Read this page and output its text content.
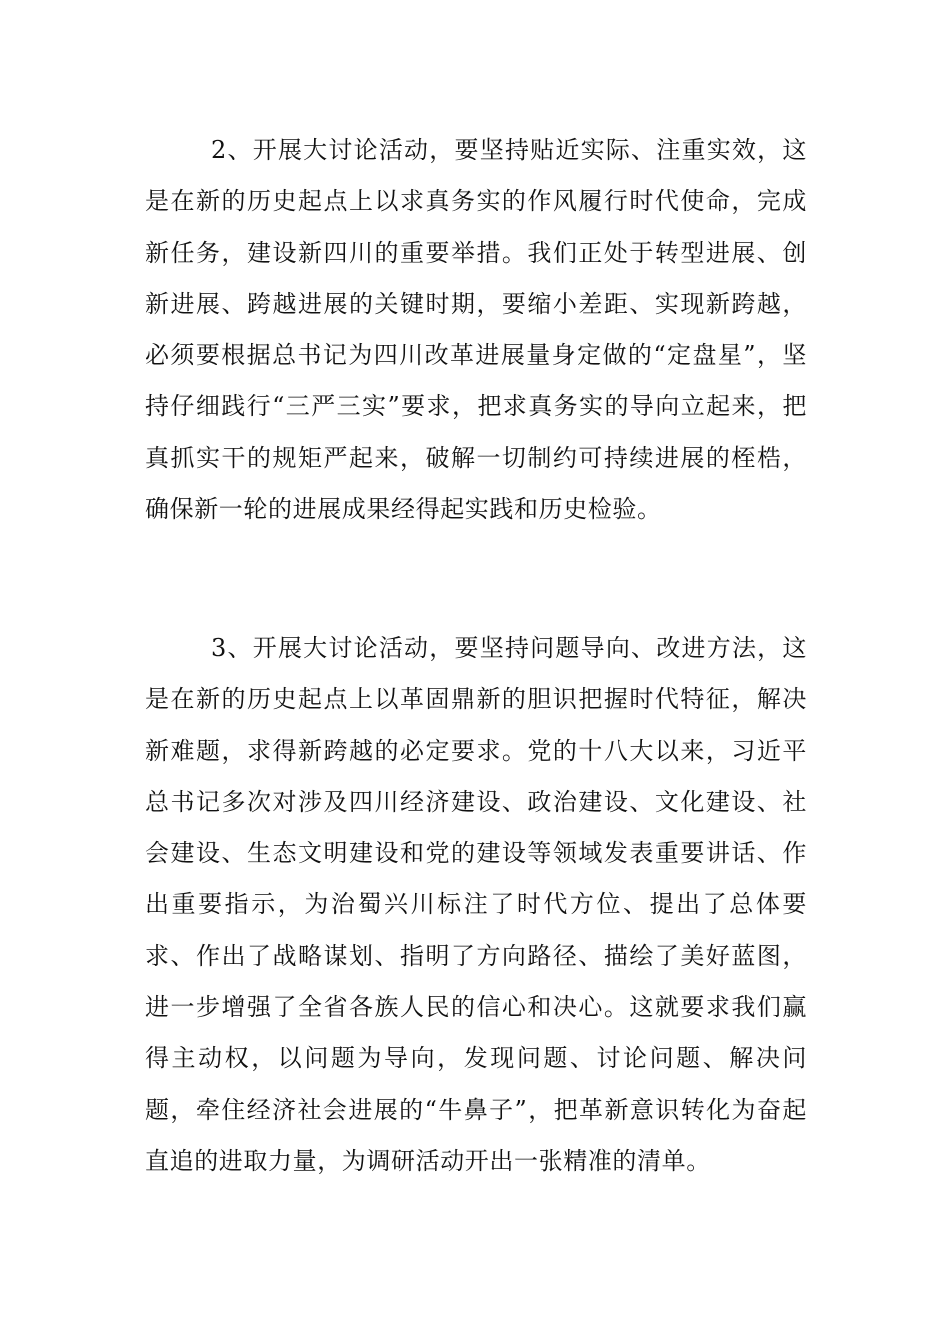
2、开展大讨论活动，要坚持贴近实际、注重实效，这是在新的历史起点上以求真务实的作风履行时代使命，完成新任务，建设新四川的重要举措。我们正处于转型进展、创新进展、跨越进展的关键时期，要缩小差距、实现新跨越，必须要根据总书记为四川改革进展量身定做的“定盘星”，坚持仔细践行“三严三实”要求，把求真务实的导向立起来，把真抓实干的规矩严起来，破解一切制约可持续进展的桎梏，确保新一轮的进展成果经得起实践和历史检验。

3、开展大讨论活动，要坚持问题导向、改进方法，这是在新的历史起点上以革固鼎新的胆识把握时代特征，解决新难题，求得新跨越的必定要求。党的十八大以来，习近平总书记多次对涉及四川经济建设、政治建设、文化建设、社会建设、生态文明建设和党的建设等领域发表重要讲话、作出重要指示，为治蜀兴川标注了时代方位、提出了总体要求、作出了战略谋划、指明了方向路径、描绘了美好蓝图，进一步增强了全省各族人民的信心和决心。这就要求我们赢得主动权，以问题为导向，发现问题、讨论问题、解决问题，牵住经济社会进展的“牛鼻子”，把革新意识转化为奋起直追的进取力量，为调研活动开出一张精准的清单。
